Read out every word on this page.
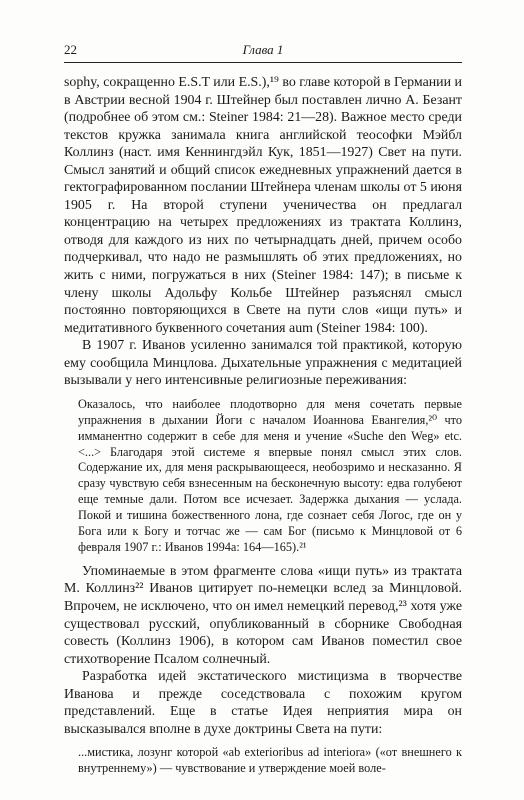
22	Глава 1

sophy, сокращенно E.S.T или E.S.),¹⁹ во главе которой в Германии и в Австрии весной 1904 г. Штейнер был поставлен лично А. Безант (подробнее об этом см.: Steiner 1984: 21—28). Важное место среди текстов кружка занимала книга английской теософки Мэйбл Коллинз (наст. имя Кеннингдэйл Кук, 1851—1927) Свет на пути. Смысл занятий и общий список ежедневных упражнений дается в гектографированном послании Штейнера членам школы от 5 июня 1905 г. На второй ступени ученичества он предлагал концентрацию на четырех предложениях из трактата Коллинз, отводя для каждого из них по четырнадцать дней, причем особо подчеркивал, что надо не размышлять об этих предложениях, но жить с ними, погружаться в них (Steiner 1984: 147); в письме к члену школы Адольфу Кольбе Штейнер разъяснял смысл постоянно повторяющихся в Свете на пути слов «ищи путь» и медитативного буквенного сочетания aum (Steiner 1984: 100).

В 1907 г. Иванов усиленно занимался той практикой, которую ему сообщила Минцлова. Дыхательные упражнения с медитацией вызывали у него интенсивные религиозные переживания:

Оказалось, что наиболее плодотворно для меня сочетать первые упражнения в дыхании Йоги с началом Иоаннова Евангелия,²⁰ что имманентно содержит в себе для меня и учение «Suche den Weg» etc. <...> Благодаря этой системе я впервые понял смысл этих слов. Содержание их, для меня раскрывающееся, необозримо и несказанно. Я сразу чувствую себя взнесенным на бесконечную высоту: едва голубеют еще темные дали. Потом все исчезает. Задержка дыхания — услада. Покой и тишина божественного лона, где сознает себя Логос, где он у Бога или к Богу и тотчас же — сам Бог (письмо к Минцловой от 6 февраля 1907 г.: Иванов 1994a: 164—165).²¹

Упоминаемые в этом фрагменте слова «ищи путь» из трактата М. Коллинз²² Иванов цитирует по-немецки вслед за Минцловой. Впрочем, не исключено, что он имел немецкий перевод,²³ хотя уже существовал русский, опубликованный в сборнике Свободная совесть (Коллинз 1906), в котором сам Иванов поместил свое стихотворение Псалом солнечный.

Разработка идей экстатического мистицизма в творчестве Иванова и прежде соседствовала с похожим кругом представлений. Еще в статье Идея неприятия мира он высказывался вполне в духе доктрины Света на пути:

...мистика, лозунг которой «ab exterioribus ad interiora» («от внешнего к внутреннему») — чувствование и утверждение моей воле-
